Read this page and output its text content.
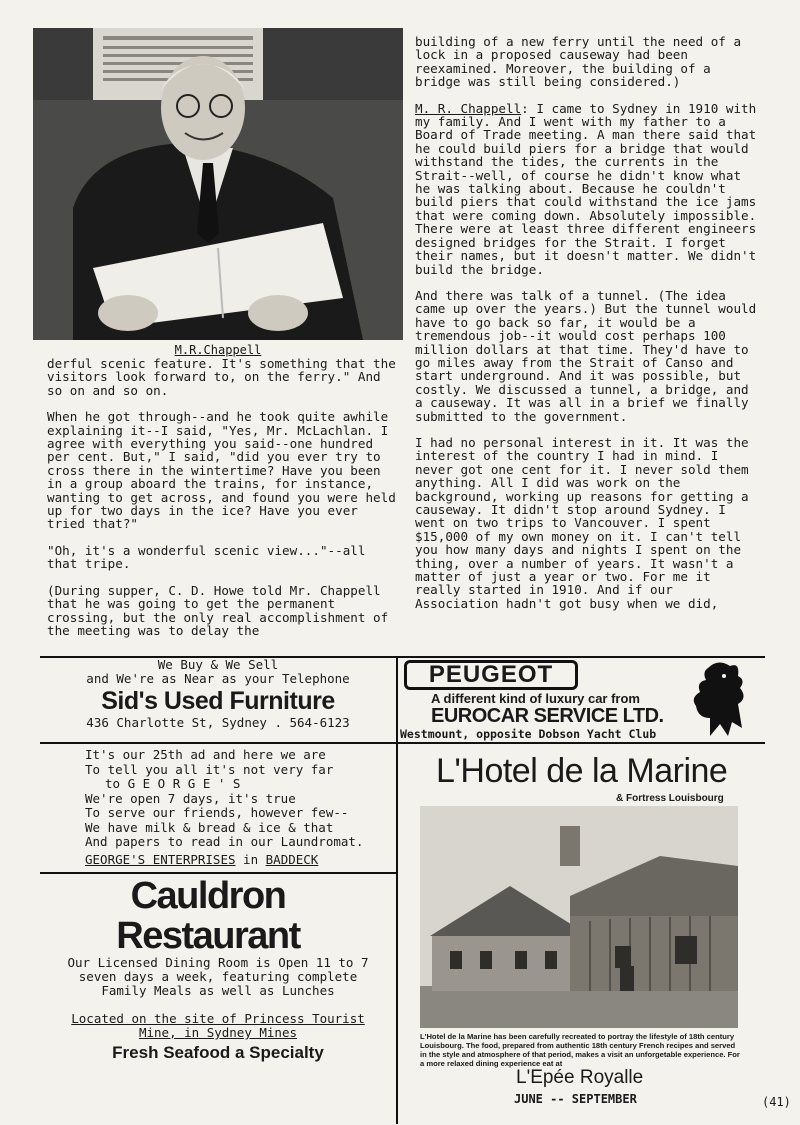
M.R.Chappell

derful scenic feature. It's something that the visitors look forward to, on the ferry." And so on and so on.

When he got through--and he took quite awhile explaining it--I said, "Yes, Mr. McLachlan. I agree with everything you said--one hundred per cent. But," I said, "did you ever try to cross there in the wintertime? Have you been in a group aboard the trains, for instance, wanting to get across, and found you were held up for two days in the ice? Have you ever tried that?"

"Oh, it's a wonderful scenic view..."--all that tripe.

(During supper, C. D. Howe told Mr. Chappell that he was going to get the permanent crossing, but the only real accomplishment of the meeting was to delay the

building of a new ferry until the need of a lock in a proposed causeway had been reexamined. Moreover, the building of a bridge was still being considered.)

M. R. Chappell: I came to Sydney in 1910 with my family. And I went with my father to a Board of Trade meeting. A man there said that he could build piers for a bridge that would withstand the tides, the currents in the Strait--well, of course he didn't know what he was talking about. Because he couldn't build piers that could withstand the ice jams that were coming down. Absolutely impossible. There were at least three different engineers designed bridges for the Strait. I forget their names, but it doesn't matter. We didn't build the bridge.

And there was talk of a tunnel. (The idea came up over the years.) But the tunnel would have to go back so far, it would be a tremendous job--it would cost perhaps 100 million dollars at that time. They'd have to go miles away from the Strait of Canso and start underground. And it was possible, but costly. We discussed a tunnel, a bridge, and a causeway. It was all in a brief we finally submitted to the government.

I had no personal interest in it. It was the interest of the country I had in mind. I never got one cent for it. I never sold them anything. All I did was work on the background, working up reasons for getting a causeway. It didn't stop around Sydney. I went on two trips to Vancouver. I spent $15,000 of my own money on it. I can't tell you how many days and nights I spent on the thing, over a number of years. It wasn't a matter of just a year or two. For me it really started in 1910. And if our Association hadn't got busy when we did,

We Buy & We Sell
and We're as Near as your Telephone
Sid's Used Furniture
436 Charlotte St, Sydney . 564-6123
PEUGEOT
A different kind of luxury car from
EUROCAR SERVICE LTD.
Westmount, opposite Dobson Yacht Club
It's our 25th ad and here we are
To tell you all it's not very far
to G E O R G E ' S
We're open 7 days, it's true
To serve our friends, however few--
We have milk & bread & ice & that
And papers to read in our Laundromat.
GEORGE'S ENTERPRISES in BADDECK
Cauldron
Restaurant
Our Licensed Dining Room is Open 11 to 7
seven days a week, featuring complete
Family Meals as well as Lunches
Located on the site of Princess Tourist
Mine, in Sydney Mines
Fresh Seafood a Specialty
L'Hotel de la Marine
& Fortress Louisbourg
L'Hotel de la Marine has been carefully recreated to portray the lifestyle of 18th century Louisbourg. The food, prepared from authentic 18th century French recipes and served in the style and atmosphere of that period, makes a visit an unforgetable experience. For a more relaxed dining experience eat at
L'Epée Royalle
JUNE -- SEPTEMBER	(41)
